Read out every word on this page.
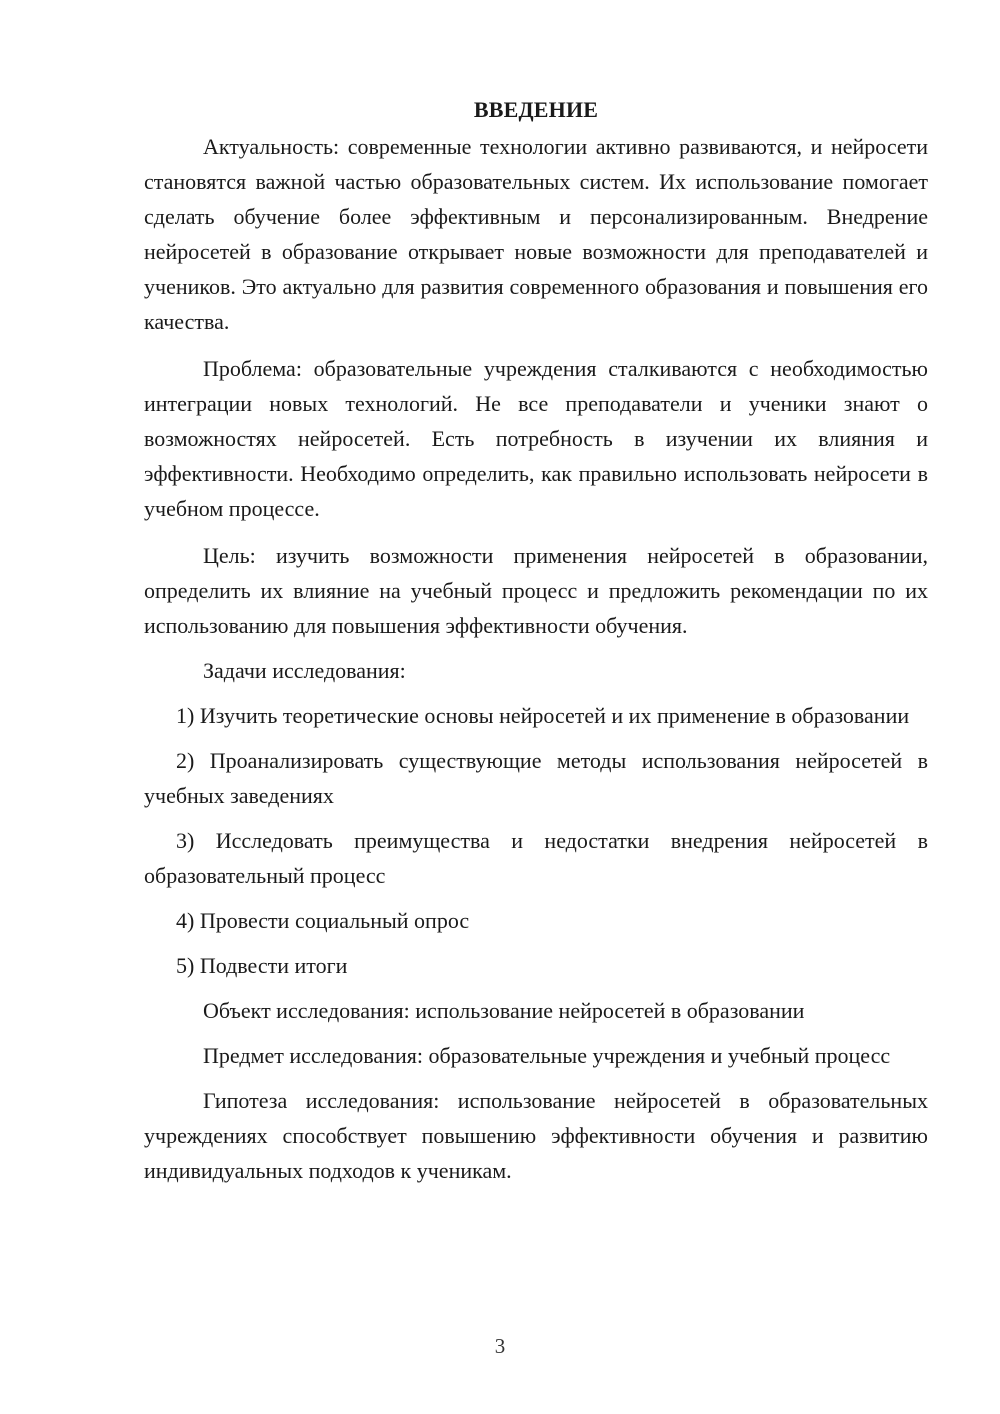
ВВЕДЕНИЕ

Актуальность: современные технологии активно развиваются, и нейросети становятся важной частью образовательных систем. Их использование помогает сделать обучение более эффективным и персонализированным. Внедрение нейросетей в образование открывает новые возможности для преподавателей и учеников. Это актуально для развития современного образования и повышения его качества.

Проблема: образовательные учреждения сталкиваются с необходимостью интеграции новых технологий. Не все преподаватели и ученики знают о возможностях нейросетей. Есть потребность в изучении их влияния и эффективности. Необходимо определить, как правильно использовать нейросети в учебном процессе.

Цель: изучить возможности применения нейросетей в образовании, определить их влияние на учебный процесс и предложить рекомендации по их использованию для повышения эффективности обучения.

Задачи исследования:

1) Изучить теоретические основы нейросетей и их применение в образовании

2) Проанализировать существующие методы использования нейросетей в учебных заведениях

3) Исследовать преимущества и недостатки внедрения нейросетей в образовательный процесс

4) Провести социальный опрос

5) Подвести итоги

Объект исследования: использование нейросетей в образовании

Предмет исследования: образовательные учреждения и учебный процесс

Гипотеза исследования: использование нейросетей в образовательных учреждениях способствует повышению эффективности обучения и развитию индивидуальных подходов к ученикам.

3
